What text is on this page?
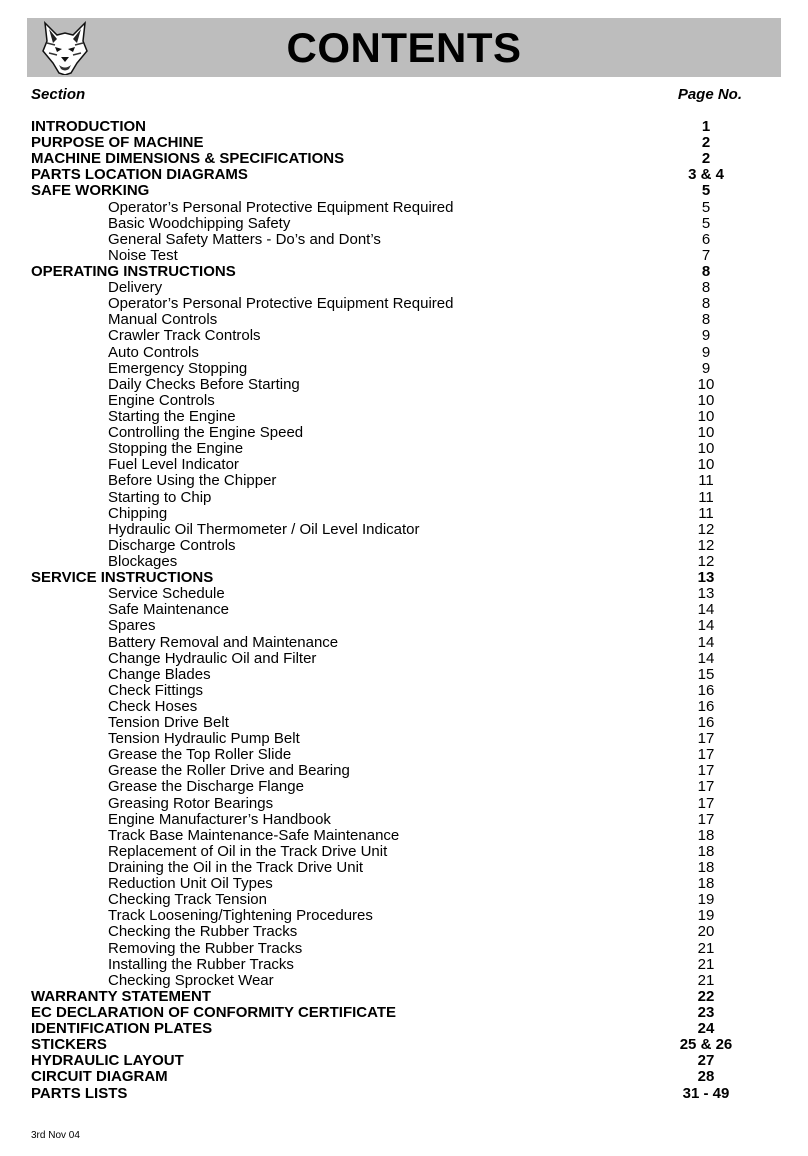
CONTENTS
Section	Page No.
INTRODUCTION	1
PURPOSE OF MACHINE	2
MACHINE DIMENSIONS & SPECIFICATIONS	2
PARTS LOCATION DIAGRAMS	3 & 4
SAFE WORKING	5
Operator’s Personal Protective Equipment Required	5
Basic Woodchipping Safety	5
General Safety Matters - Do’s and Dont’s	6
Noise Test	7
OPERATING INSTRUCTIONS	8
Delivery	8
Operator’s Personal Protective Equipment Required	8
Manual Controls	8
Crawler Track Controls	9
Auto Controls	9
Emergency Stopping	9
Daily Checks Before Starting	10
Engine Controls	10
Starting the Engine	10
Controlling the Engine Speed	10
Stopping the Engine	10
Fuel Level Indicator	10
Before Using the Chipper	11
Starting to Chip	11
Chipping	11
Hydraulic Oil Thermometer / Oil Level Indicator	12
Discharge Controls	12
Blockages	12
SERVICE INSTRUCTIONS	13
Service Schedule	13
Safe Maintenance	14
Spares	14
Battery Removal and Maintenance	14
Change Hydraulic Oil and Filter	14
Change Blades	15
Check Fittings	16
Check Hoses	16
Tension Drive Belt	16
Tension Hydraulic Pump Belt	17
Grease the Top Roller Slide	17
Grease the Roller Drive and Bearing	17
Grease the Discharge Flange	17
Greasing Rotor Bearings	17
Engine Manufacturer’s Handbook	17
Track Base Maintenance-Safe Maintenance	18
Replacement of Oil in the Track Drive Unit	18
Draining the Oil in the Track Drive Unit	18
Reduction Unit Oil Types	18
Checking Track Tension	19
Track Loosening/Tightening Procedures	19
Checking the Rubber Tracks	20
Removing the Rubber Tracks	21
Installing the Rubber Tracks	21
Checking Sprocket Wear	21
WARRANTY STATEMENT	22
EC DECLARATION OF CONFORMITY CERTIFICATE	23
IDENTIFICATION PLATES	24
STICKERS	25 & 26
HYDRAULIC LAYOUT	27
CIRCUIT DIAGRAM	28
PARTS LISTS	31 - 49
3rd Nov 04
